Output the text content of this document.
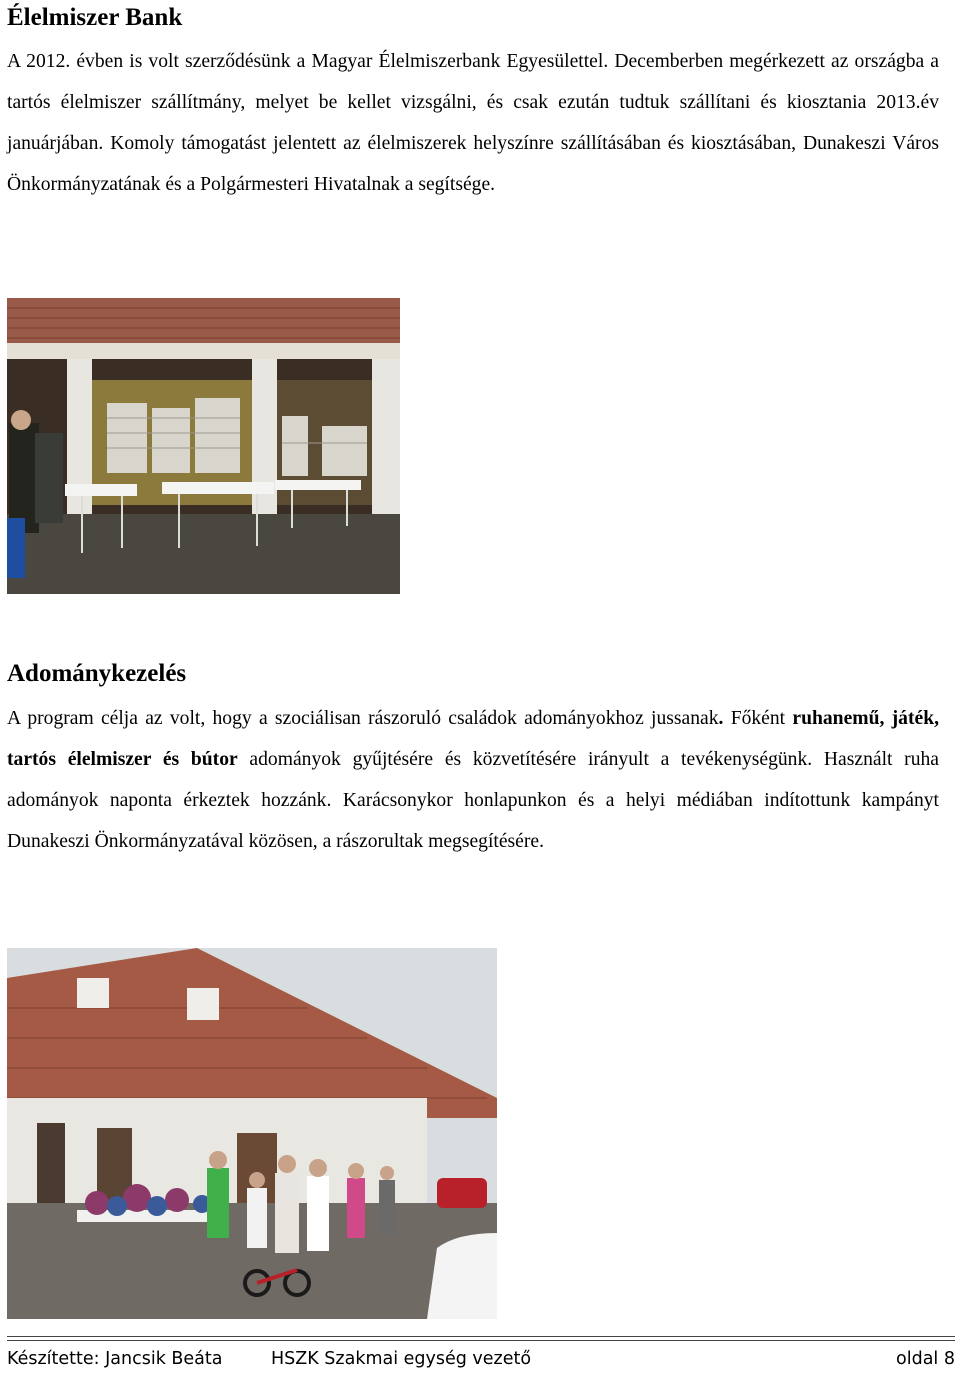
Élelmiszer Bank
A 2012. évben is volt szerződésünk a Magyar Élelmiszerbank Egyesülettel. Decemberben megérkezett az országba a tartós élelmiszer szállítmány, melyet be kellet vizsgálni, és csak ezután tudtuk szállítani és kiosztania 2013.év januárjában. Komoly támogatást jelentett az élelmiszerek helyszínre szállításában és kiosztásában, Dunakeszi Város Önkormányzatának és a Polgármesteri Hivatalnak a segítsége.
Adománykezelés
A program célja az volt, hogy a szociálisan rászoruló családok adományokhoz jussanak. Főként ruhanemű, játék, tartós élelmiszer és bútor adományok gyűjtésére és közvetítésére irányult a tevékenységünk. Használt ruha adományok naponta érkeztek hozzánk. Karácsonykor honlapunkon és a helyi médiában indítottunk kampányt Dunakeszi Önkormányzatával közösen, a rászorultak megsegítésére.
Készítette: Jancsik Beáta	HSZK Szakmai egység vezető	oldal 8
